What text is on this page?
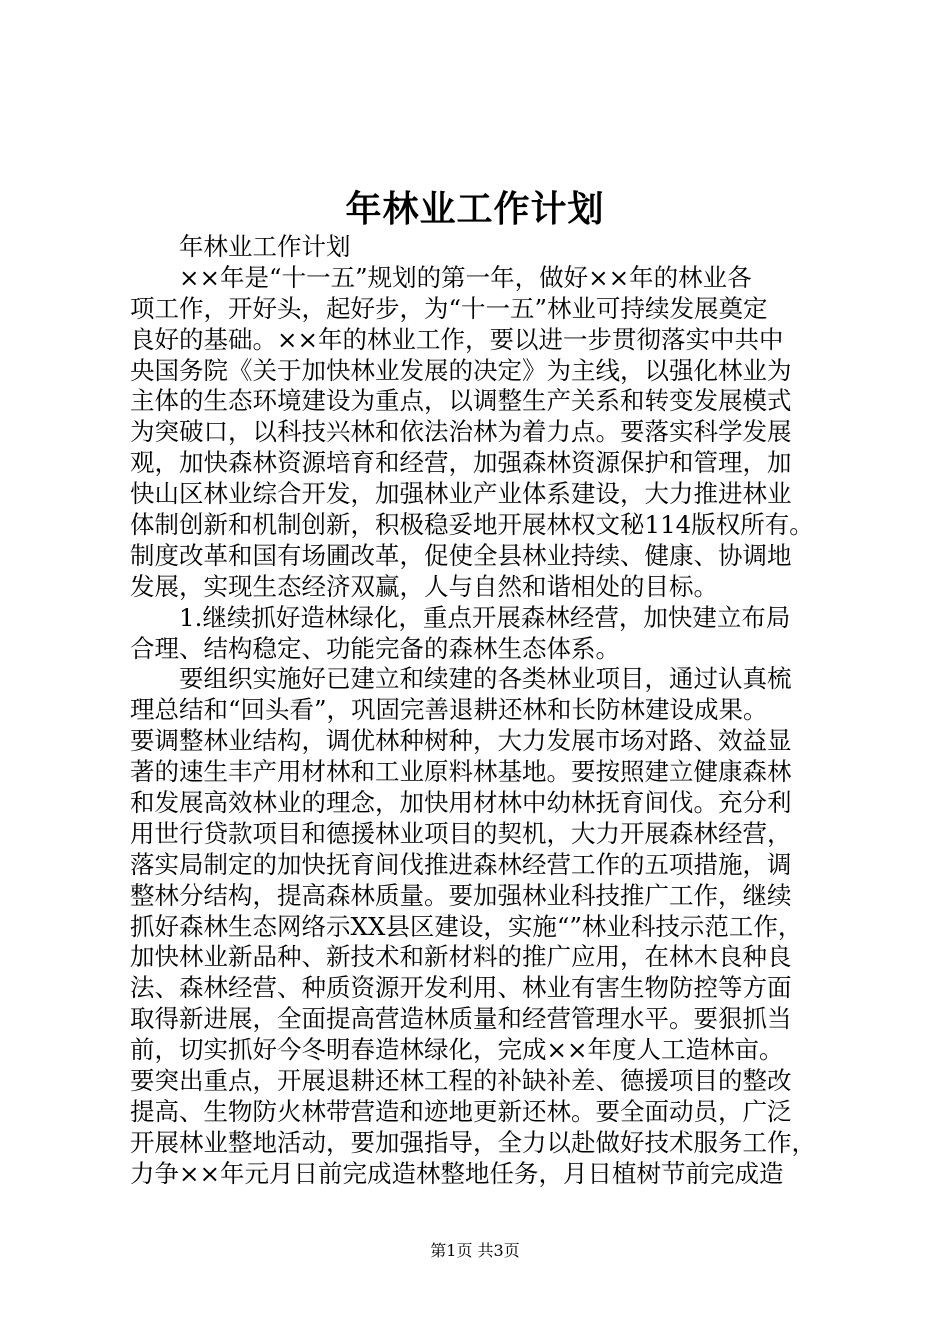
年林业工作计划
　　年林业工作计划
　　××年是“十一五”规划的第一年，做好××年的林业各
项工作，开好头，起好步，为“十一五”林业可持续发展奠定
良好的基础。××年的林业工作，要以进一步贯彻落实中共中
央国务院《关于加快林业发展的决定》为主线，以强化林业为
主体的生态环境建设为重点，以调整生产关系和转变发展模式
为突破口，以科技兴林和依法治林为着力点。要落实科学发展
观，加快森林资源培育和经营，加强森林资源保护和管理，加
快山区林业综合开发，加强林业产业体系建设，大力推进林业
体制创新和机制创新，积极稳妥地开展林权文秘114版权所有。
制度改革和国有场圃改革，促使全县林业持续、健康、协调地
发展，实现生态经济双赢，人与自然和谐相处的目标。
　　1.继续抓好造林绿化，重点开展森林经营，加快建立布局
合理、结构稳定、功能完备的森林生态体系。
　　要组织实施好已建立和续建的各类林业项目，通过认真梳
理总结和“回头看”，巩固完善退耕还林和长防林建设成果。
要调整林业结构，调优林种树种，大力发展市场对路、效益显
著的速生丰产用材林和工业原料林基地。要按照建立健康森林
和发展高效林业的理念，加快用材林中幼林抚育间伐。充分利
用世行贷款项目和德援林业项目的契机，大力开展森林经营，
落实局制定的加快抚育间伐推进森林经营工作的五项措施，调
整林分结构，提高森林质量。要加强林业科技推广工作，继续
抓好森林生态网络示XX县区建设，实施“”林业科技示范工作，
加快林业新品种、新技术和新材料的推广应用，在林木良种良
法、森林经营、种质资源开发利用、林业有害生物防控等方面
取得新进展，全面提高营造林质量和经营管理水平。要狠抓当
前，切实抓好今冬明春造林绿化，完成××年度人工造林亩。
要突出重点，开展退耕还林工程的补缺补差、德援项目的整改
提高、生物防火林带营造和迹地更新还林。要全面动员，广泛
开展林业整地活动，要加强指导，全力以赴做好技术服务工作，
力争××年元月日前完成造林整地任务，月日植树节前完成造
第1页 共3页
